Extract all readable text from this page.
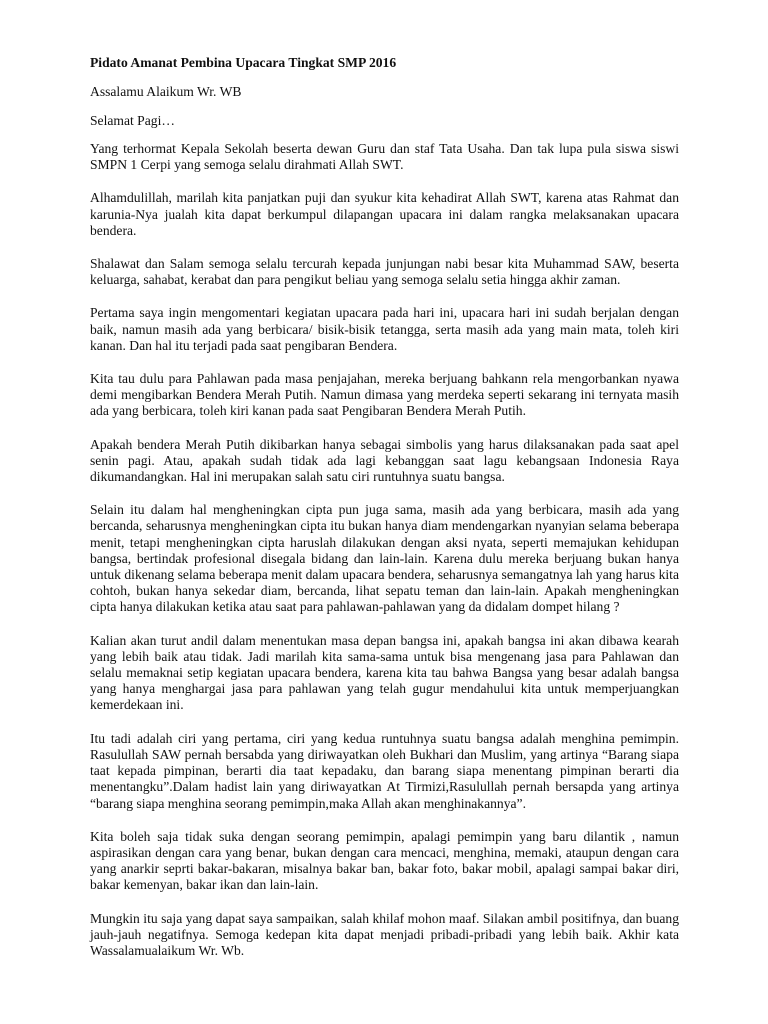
Pidato Amanat Pembina Upacara Tingkat SMP 2016

Assalamu Alaikum Wr. WB

Selamat Pagi…

Yang terhormat Kepala Sekolah beserta dewan Guru dan staf Tata Usaha. Dan tak lupa pula siswa siswi SMPN 1 Cerpi yang semoga selalu dirahmati Allah SWT.

Alhamdulillah, marilah kita panjatkan puji dan syukur kita kehadirat Allah SWT, karena atas Rahmat dan karunia-Nya jualah kita dapat berkumpul dilapangan upacara ini dalam rangka melaksanakan upacara bendera.

Shalawat dan Salam semoga selalu tercurah kepada junjungan nabi besar kita Muhammad SAW, beserta keluarga, sahabat, kerabat dan para pengikut beliau yang semoga selalu setia hingga akhir zaman.

Pertama saya ingin mengomentari kegiatan upacara pada hari ini, upacara hari ini sudah berjalan dengan baik, namun masih ada yang berbicara/ bisik-bisik tetangga, serta masih ada yang main mata, toleh kiri kanan. Dan hal itu terjadi pada saat pengibaran Bendera.

Kita tau dulu para Pahlawan pada masa penjajahan, mereka berjuang bahkann rela mengorbankan nyawa demi mengibarkan Bendera Merah Putih. Namun dimasa yang merdeka seperti sekarang ini ternyata masih ada yang berbicara, toleh kiri kanan pada saat Pengibaran Bendera Merah Putih.

Apakah bendera Merah Putih dikibarkan hanya sebagai simbolis yang harus dilaksanakan pada saat apel senin pagi. Atau, apakah sudah tidak ada lagi kebanggan saat lagu kebangsaan Indonesia Raya dikumandangkan. Hal ini merupakan salah satu ciri runtuhnya suatu bangsa.

Selain itu dalam hal mengheningkan cipta pun juga sama, masih ada yang berbicara, masih ada yang bercanda, seharusnya mengheningkan cipta itu bukan hanya diam mendengarkan nyanyian selama beberapa menit, tetapi mengheningkan cipta haruslah dilakukan dengan aksi nyata, seperti memajukan kehidupan bangsa, bertindak profesional disegala bidang dan lain-lain. Karena dulu mereka berjuang bukan hanya untuk dikenang selama beberapa menit dalam upacara bendera, seharusnya semangatnya lah yang harus kita cohtoh, bukan hanya sekedar diam, bercanda, lihat sepatu teman dan lain-lain. Apakah mengheningkan cipta hanya dilakukan ketika atau saat para pahlawan-pahlawan yang da didalam dompet hilang ?

Kalian akan turut andil dalam menentukan masa depan bangsa ini, apakah bangsa ini akan dibawa kearah yang lebih baik atau tidak. Jadi marilah kita sama-sama untuk bisa mengenang jasa para Pahlawan dan selalu memaknai setip kegiatan upacara bendera, karena kita tau bahwa Bangsa yang besar adalah bangsa yang hanya menghargai jasa para pahlawan yang telah gugur mendahului kita untuk memperjuangkan kemerdekaan ini.

Itu tadi adalah ciri yang pertama, ciri yang kedua runtuhnya suatu bangsa adalah menghina pemimpin. Rasulullah SAW pernah bersabda yang diriwayatkan oleh Bukhari dan Muslim, yang artinya “Barang siapa taat kepada pimpinan, berarti dia taat kepadaku, dan barang siapa menentang pimpinan berarti dia menentangku”.Dalam hadist lain yang diriwayatkan At Tirmizi,Rasulullah pernah bersapda yang artinya “barang siapa menghina seorang pemimpin,maka Allah akan menghinakannya”.

Kita boleh saja tidak suka dengan seorang pemimpin, apalagi pemimpin yang baru dilantik , namun aspirasikan dengan cara yang benar, bukan dengan cara mencaci, menghina, memaki, ataupun dengan cara yang anarkir seprti bakar-bakaran, misalnya bakar ban, bakar foto, bakar mobil, apalagi sampai bakar diri, bakar kemenyan, bakar ikan dan lain-lain.

Mungkin itu saja yang dapat saya sampaikan, salah khilaf mohon maaf. Silakan ambil positifnya, dan buang jauh-jauh negatifnya. Semoga kedepan kita dapat menjadi pribadi-pribadi yang lebih baik. Akhir kata Wassalamualaikum Wr. Wb.
